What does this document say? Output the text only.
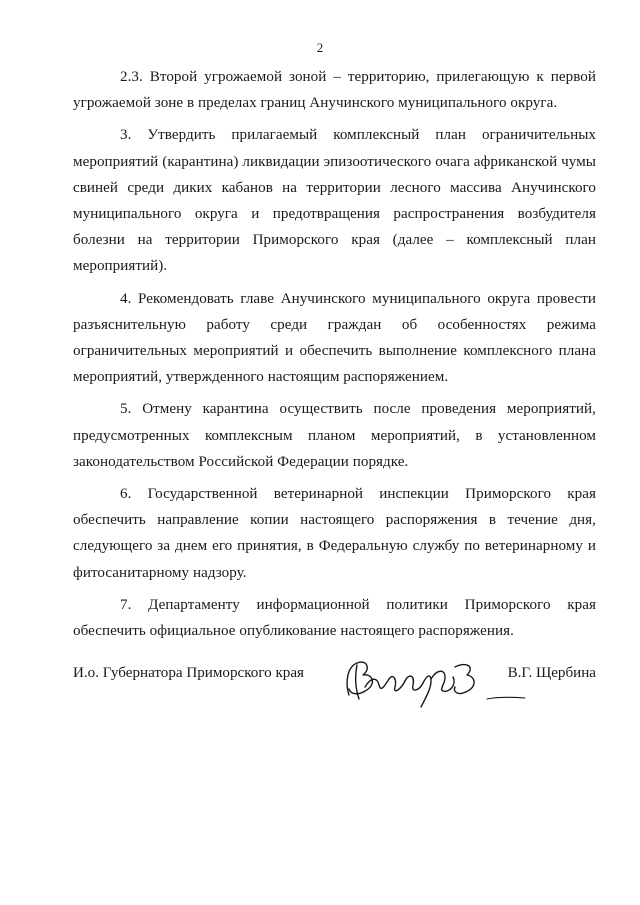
2

2.3. Второй угрожаемой зоной – территорию, прилегающую к первой угрожаемой зоне в пределах границ Анучинского муниципального округа.

3. Утвердить прилагаемый комплексный план ограничительных мероприятий (карантина) ликвидации эпизоотического очага африканской чумы свиней среди диких кабанов на территории лесного массива Анучинского муниципального округа и предотвращения распространения возбудителя болезни на территории Приморского края (далее – комплексный план мероприятий).

4. Рекомендовать главе Анучинского муниципального округа провести разъяснительную работу среди граждан об особенностях режима ограничительных мероприятий и обеспечить выполнение комплексного плана мероприятий, утвержденного настоящим распоряжением.

5. Отмену карантина осуществить после проведения мероприятий, предусмотренных комплексным планом мероприятий, в установленном законодательством Российской Федерации порядке.

6. Государственной ветеринарной инспекции Приморского края обеспечить направление копии настоящего распоряжения в течение дня, следующего за днем его принятия, в Федеральную службу по ветеринарному и фитосанитарному надзору.

7. Департаменту информационной политики Приморского края обеспечить официальное опубликование настоящего распоряжения.

И.о. Губернатора Приморского края	В.Г. Щербина
